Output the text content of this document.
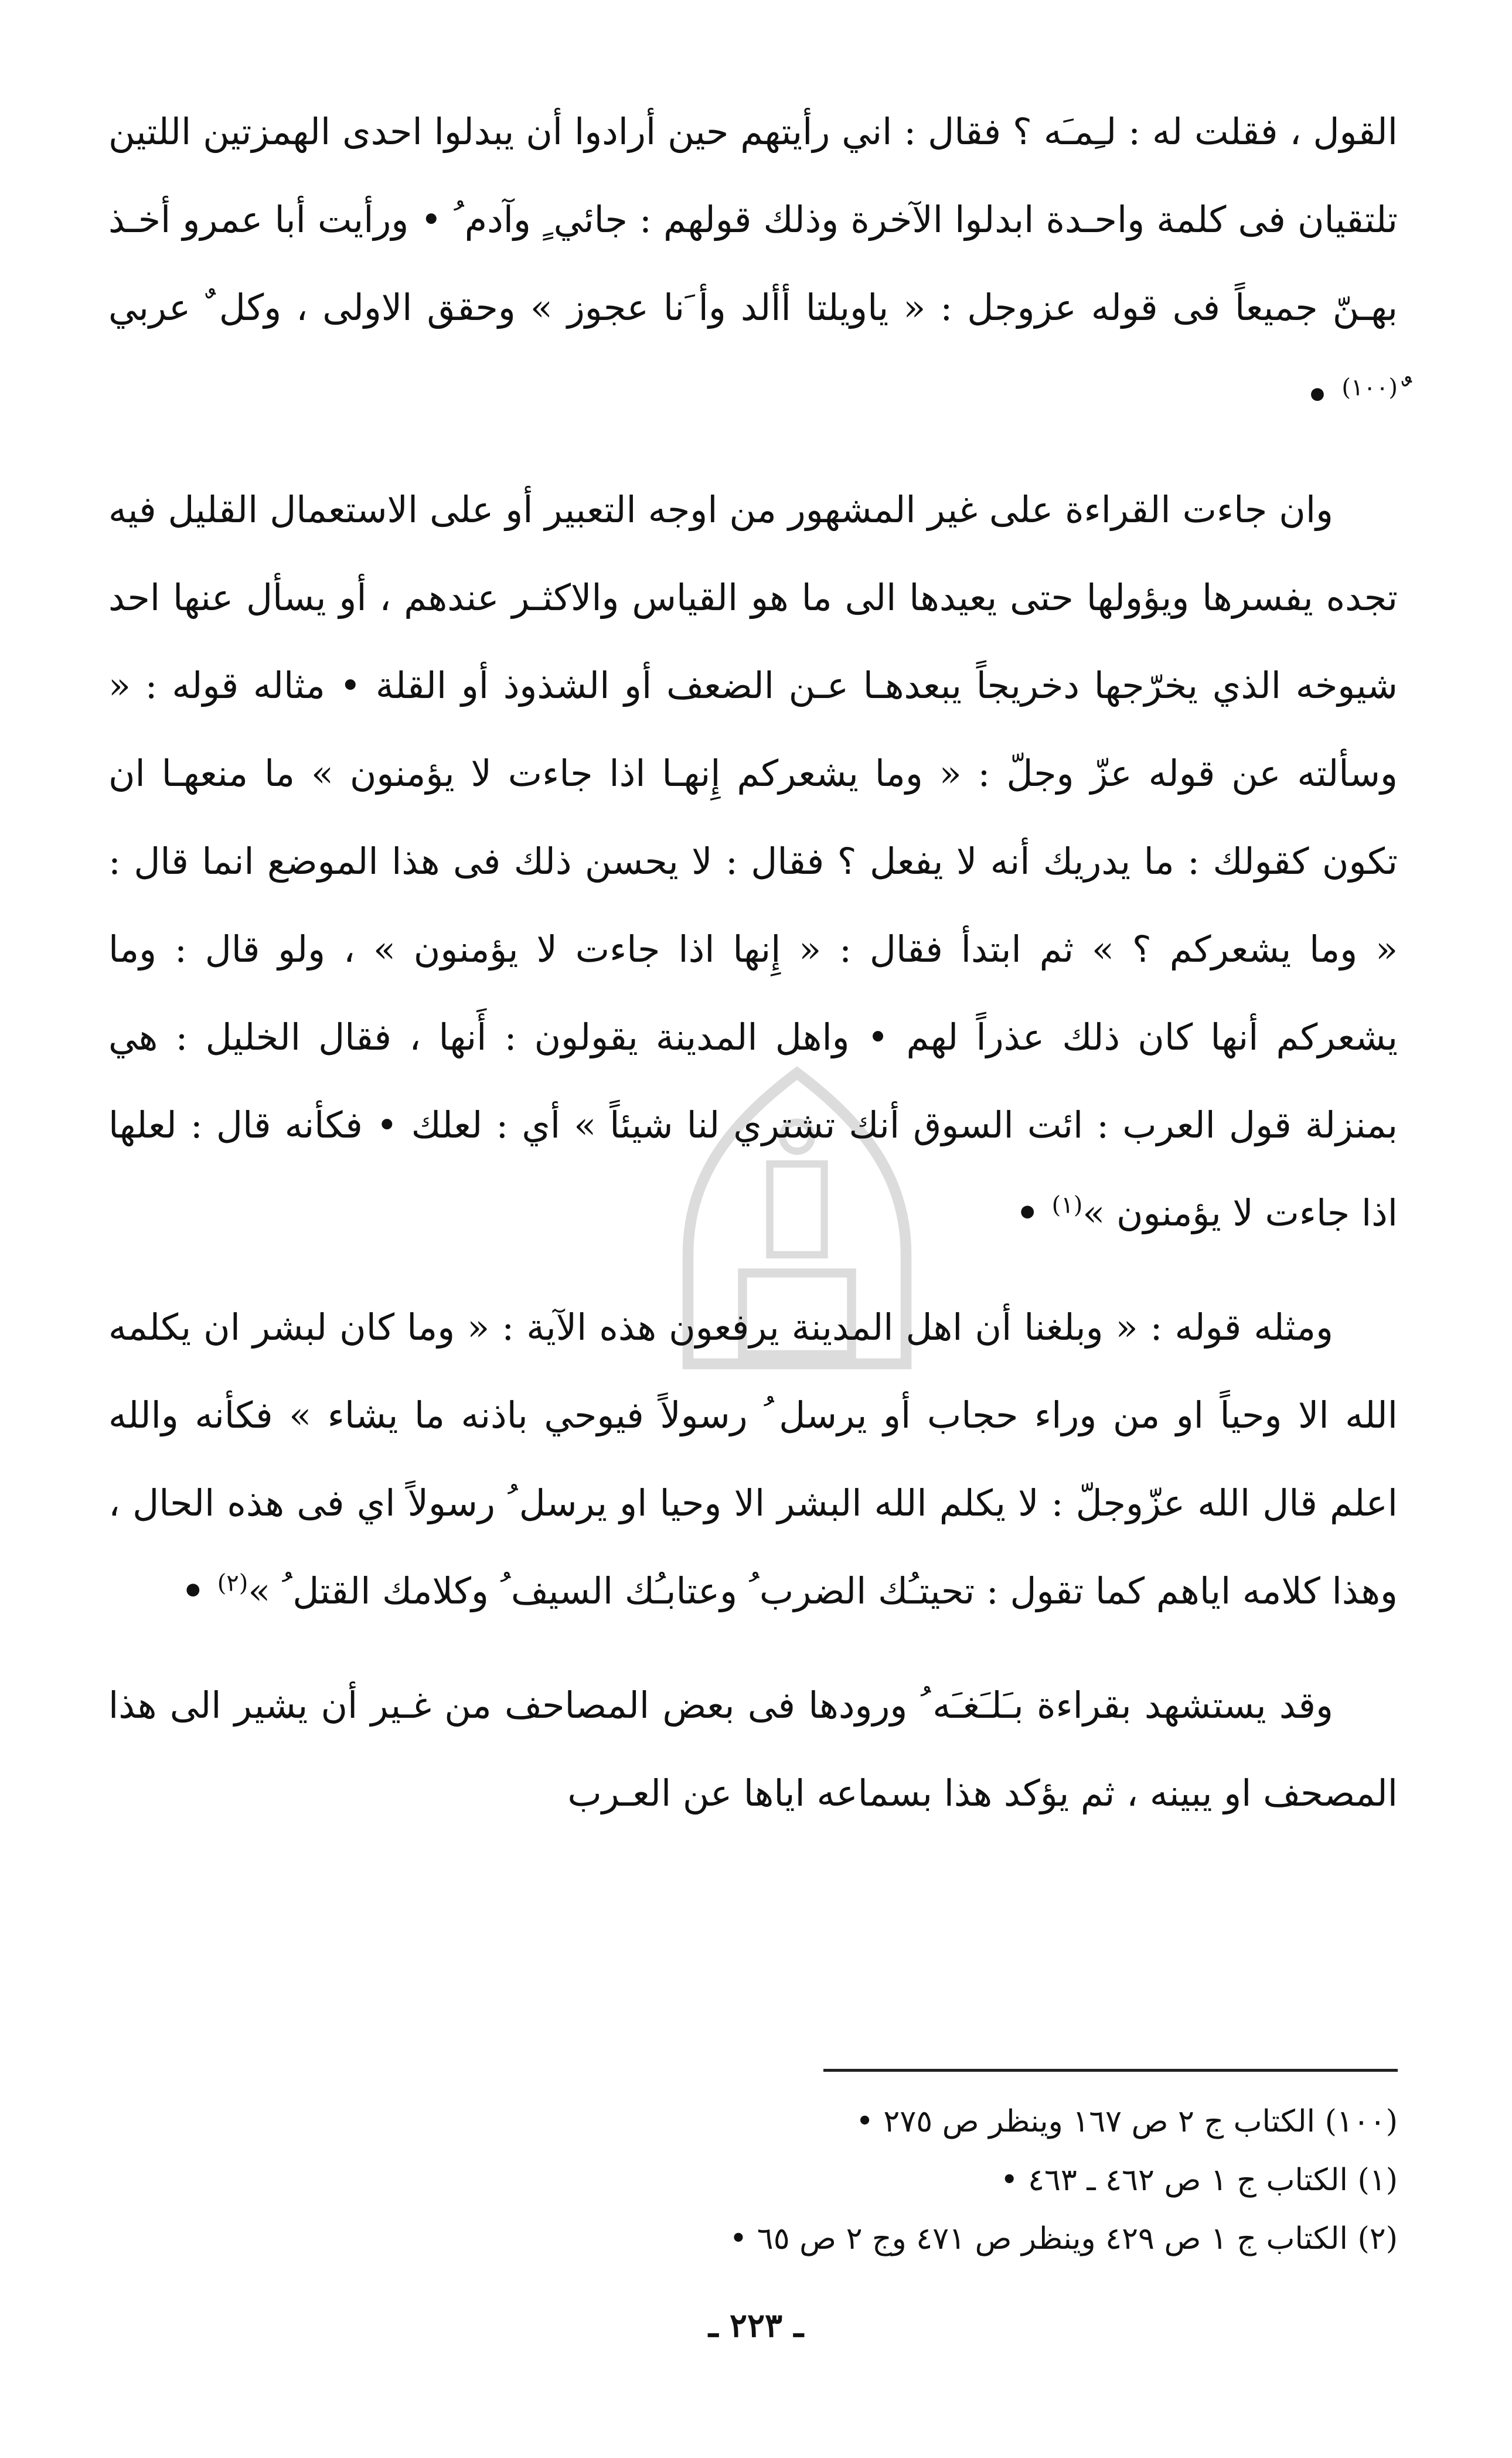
القول ، فقلت له : لـِمـَه ؟ فقال : اني رأيتهم حين أرادوا أن يبدلوا احدى الهمزتين اللتين تلتقيان فى كلمة واحـدة ابدلوا الآخرة وذلك قولهم : جائي ٍ وآدم ُ • ورأيت أبا عمرو أخـذ بهـنّ جميعاً فى قوله عزوجل : « ياويلتا أألد وأ َنا عجوز » وحقق الاولى ، وكل ٌ عربي $^{(١٠٠)}$ •

وان جاءت القراءة على غير المشهور من اوجه التعبير أو على الاستعمال القليل فيه تجده يفسرها ويؤولها حتى يعيدها الى ما هو القياس والاكثـر عندهم ، أو يسأل عنها احد شيوخه الذي يخرّجها دخريجاً يبعدهـا عـن الضعف أو الشذوذ أو القلة • مثاله قوله : « وسألته عن قوله عزّ وجلّ : « وما يشعركم إِنهـا اذا جاءت لا يؤمنون » ما منعهـا ان تكون كقولك : ما يدريك أنه لا يفعل ؟ فقال : لا يحسن ذلك فى هذا الموضع انما قال : « وما يشعركم ؟ » ثم ابتدأ فقال : « إِنها اذا جاءت لا يؤمنون » ، ولو قال : وما يشعركم أنها كان ذلك عذراً لهم • واهل المدينة يقولون : أَنها ، فقال الخليل : هي بمنزلة قول العرب : ائت السوق أنك تشتري لنا شيئاً » أي : لعلك • فكأنه قال : لعلها اذا جاءت لا يؤمنون »$^{(١)}$ •

ومثله قوله : « وبلغنا أن اهل المدينة يرفعون هذه الآية : « وما كان لبشر ان يكلمه الله الا وحياً او من وراء حجاب أو يرسل ُ رسولاً فيوحي باذنه ما يشاء » فكأنه والله اعلم قال الله عزّوجلّ : لا يكلم الله البشر الا وحيا او يرسل ُ رسولاً اي فى هذه الحال ، وهذا كلامه اياهم كما تقول : تحيتـُك الضرب ُ وعتابـُك السيف ُ وكلامك القتل ُ »$^{(٢)}$ •

وقد يستشهد بقراءة بـَلـَغـَه ُ ورودها فى بعض المصاحف من غـير أن يشير الى هذا المصحف او يبينه ، ثم يؤكد هذا بسماعه اياها عن العـرب

(١٠٠) الكتاب ج ٢ ص ١٦٧ وينظر ص ٢٧٥ •
(١) الكتاب ج ١ ص ٤٦٢ ـ ٤٦٣ •
(٢) الكتاب ج ١ ص ٤٢٩ وينظر ص ٤٧١ وج ٢ ص ٦٥ •
ـ ٢٢٣ ـ
